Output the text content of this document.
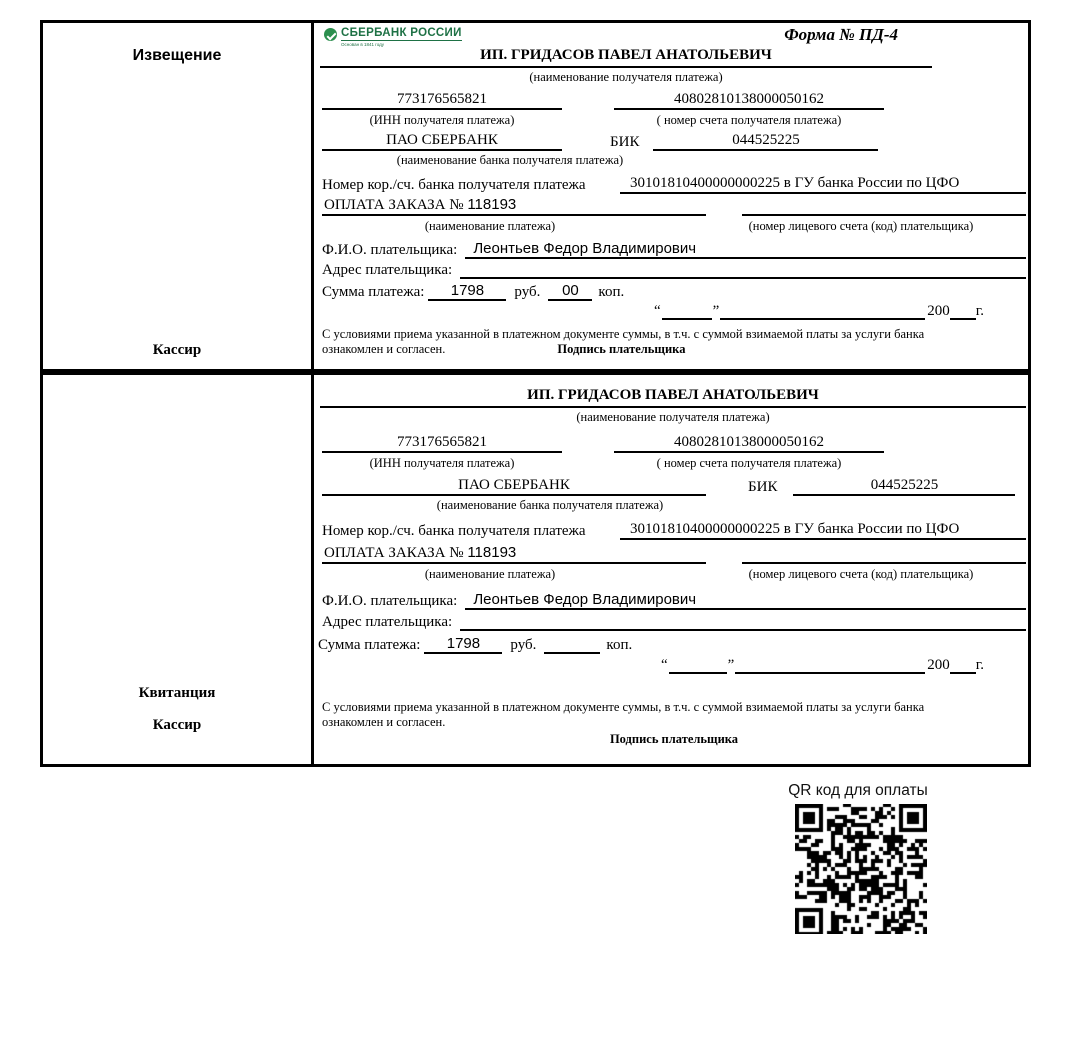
Извещение
Кассир
СБЕРБАНК РОССИИ
Основан в 1841 году
Форма № ПД-4
ИП. ГРИДАСОВ ПАВЕЛ АНАТОЛЬЕВИЧ
(наименование получателя платежа)
773176565821	40802810138000050162
(ИНН получателя платежа)	( номер счета получателя платежа)
ПАО СБЕРБАНК	БИК	044525225
(наименование банка получателя платежа)
Номер кор./сч. банка получателя платежа	30101810400000000225 в ГУ банка России по ЦФО
ОПЛАТА ЗАКАЗА № 118193
(наименование платежа)	(номер лицевого счета (код) плательщика)
Ф.И.О. плательщика:	Леонтьев Федор Владимирович
Адрес плательщика:
Сумма платежа:	1798	руб.	00	коп.
“	”	200 г.
С условиями приема указанной в платежном документе суммы, в т.ч. с суммой взимаемой платы за услуги банка
ознакомлен и согласен.	Подпись плательщика
Квитанция
Кассир
ИП. ГРИДАСОВ ПАВЕЛ АНАТОЛЬЕВИЧ
(наименование получателя платежа)
773176565821	40802810138000050162
(ИНН получателя платежа)	( номер счета получателя платежа)
ПАО СБЕРБАНК	БИК	044525225
(наименование банка получателя платежа)
Номер кор./сч. банка получателя платежа	30101810400000000225 в ГУ банка России по ЦФО
ОПЛАТА ЗАКАЗА № 118193
(наименование платежа)	(номер лицевого счета (код) плательщика)
Ф.И.О. плательщика:	Леонтьев Федор Владимирович
Адрес плательщика:
Сумма платежа:	1798	руб.	коп.
“	”	200 г.
С условиями приема указанной в платежном документе суммы, в т.ч. с суммой взимаемой платы за услуги банка
ознакомлен и согласен.
Подпись плательщика
QR код для оплаты
